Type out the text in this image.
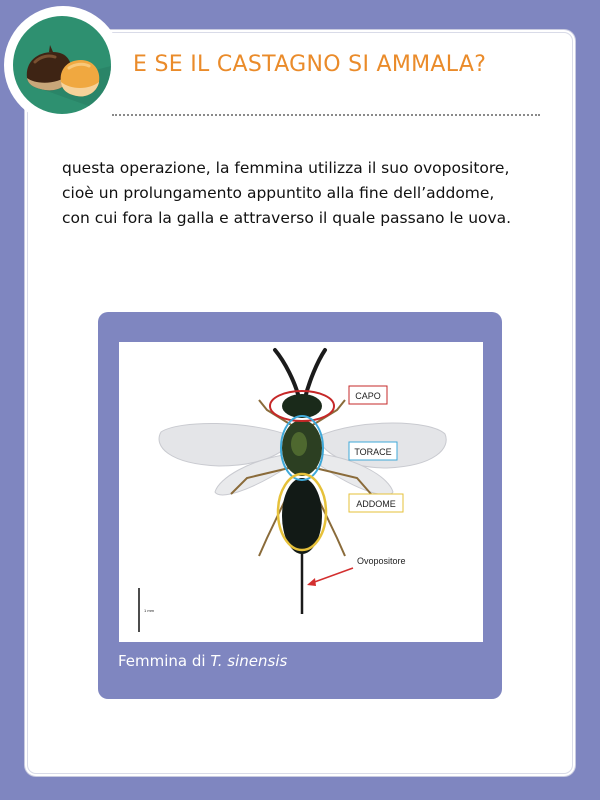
E SE IL CASTAGNO SI AMMALA?

questa operazione, la femmina utilizza il suo ovopositore,

cioè un prolungamento appuntito alla fine dell’addome,

con cui fora la galla e attraverso il quale passano le uova.

CAPO
TORACE
ADDOME
Ovopositore
1 mm
Femmina di T. sinensis
